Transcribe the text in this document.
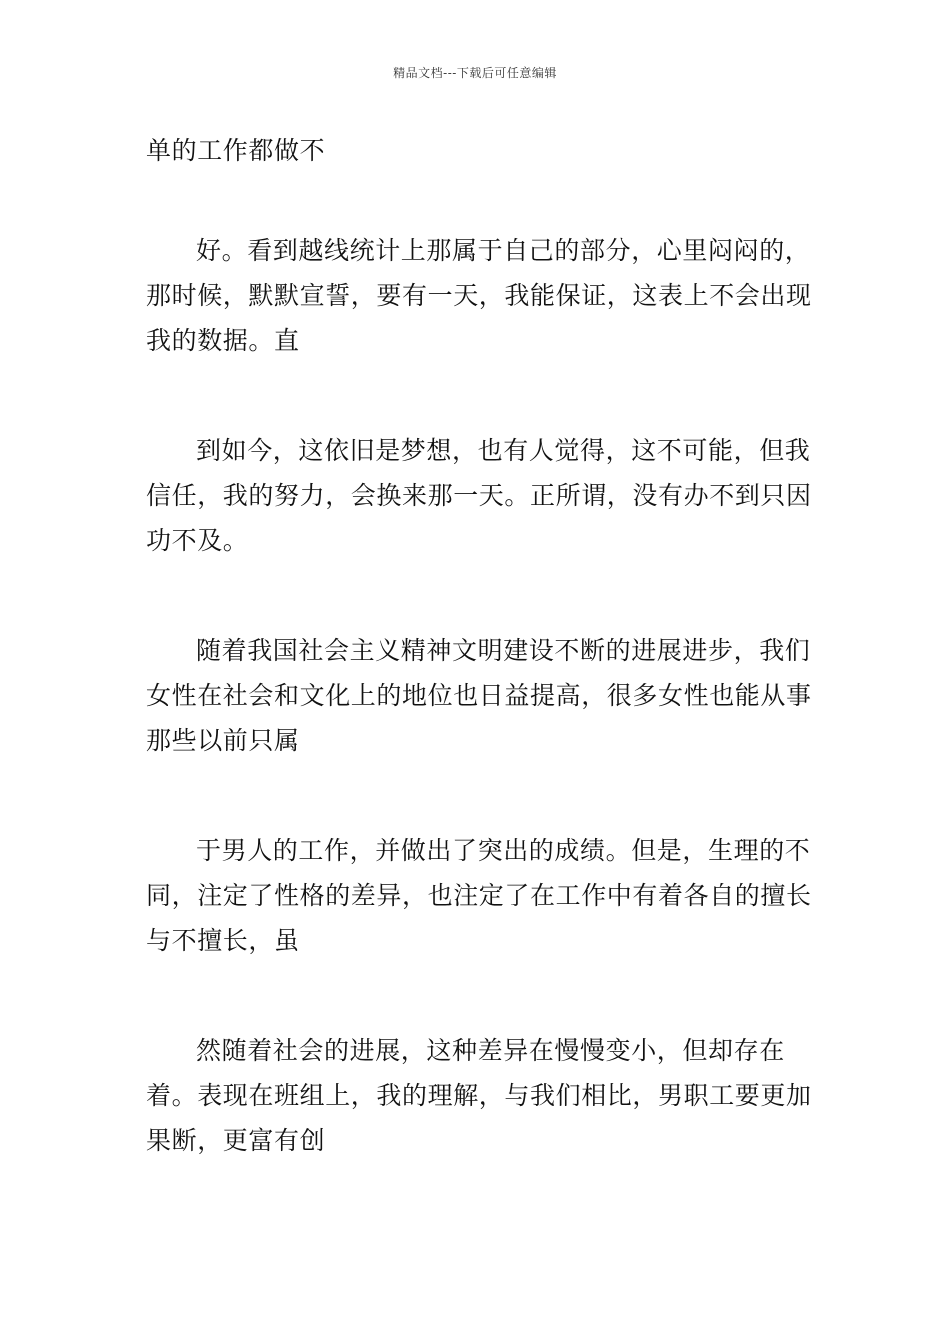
精品文档---下载后可任意编辑

单的工作都做不

好。看到越线统计上那属于自己的部分，心里闷闷的，那时候，默默宣誓，要有一天，我能保证，这表上不会出现我的数据。直

到如今，这依旧是梦想，也有人觉得，这不可能，但我信任，我的努力，会换来那一天。正所谓，没有办不到只因功不及。

随着我国社会主义精神文明建设不断的进展进步，我们女性在社会和文化上的地位也日益提高，很多女性也能从事那些以前只属

于男人的工作，并做出了突出的成绩。但是，生理的不同，注定了性格的差异，也注定了在工作中有着各自的擅长与不擅长，虽

然随着社会的进展，这种差异在慢慢变小，但却存在着。表现在班组上，我的理解，与我们相比，男职工要更加果断，更富有创
